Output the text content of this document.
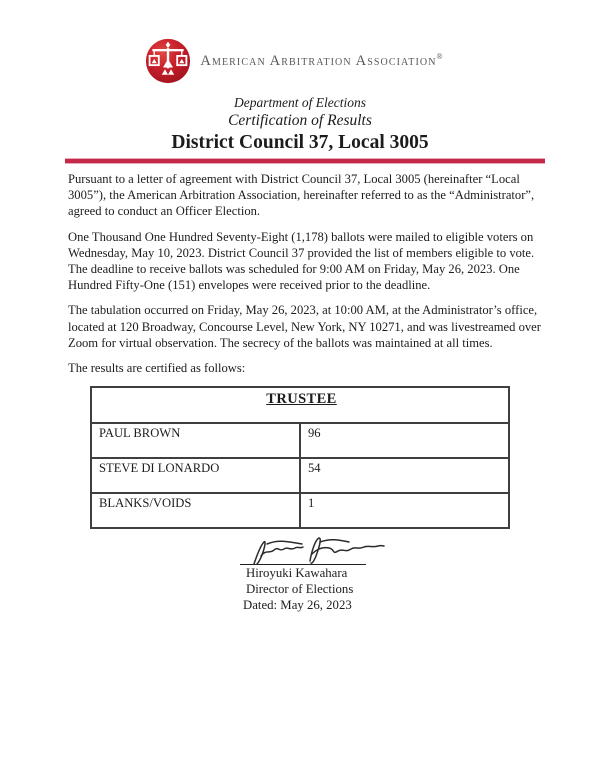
American Arbitration Association®
Department of Elections
Certification of Results
District Council 37, Local 3005

Pursuant to a letter of agreement with District Council 37, Local 3005 (hereinafter “Local 3005”), the American Arbitration Association, hereinafter referred to as the “Administrator”, agreed to conduct an Officer Election.

One Thousand One Hundred Seventy-Eight (1,178) ballots were mailed to eligible voters on Wednesday, May 10, 2023. District Council 37 provided the list of members eligible to vote. The deadline to receive ballots was scheduled for 9:00 AM on Friday, May 26, 2023. One Hundred Fifty-One (151) envelopes were received prior to the deadline.

The tabulation occurred on Friday, May 26, 2023, at 10:00 AM, at the Administrator’s office, located at 120 Broadway, Concourse Level, New York, NY 10271, and was livestreamed over Zoom for virtual observation. The secrecy of the ballots was maintained at all times.

The results are certified as follows:

TRUSTEE	
PAUL BROWN	96
STEVE DI LONARDO	54
BLANKS/VOIDS	1
Hiroyuki Kawahara
Director of Elections
Dated: May 26, 2023
